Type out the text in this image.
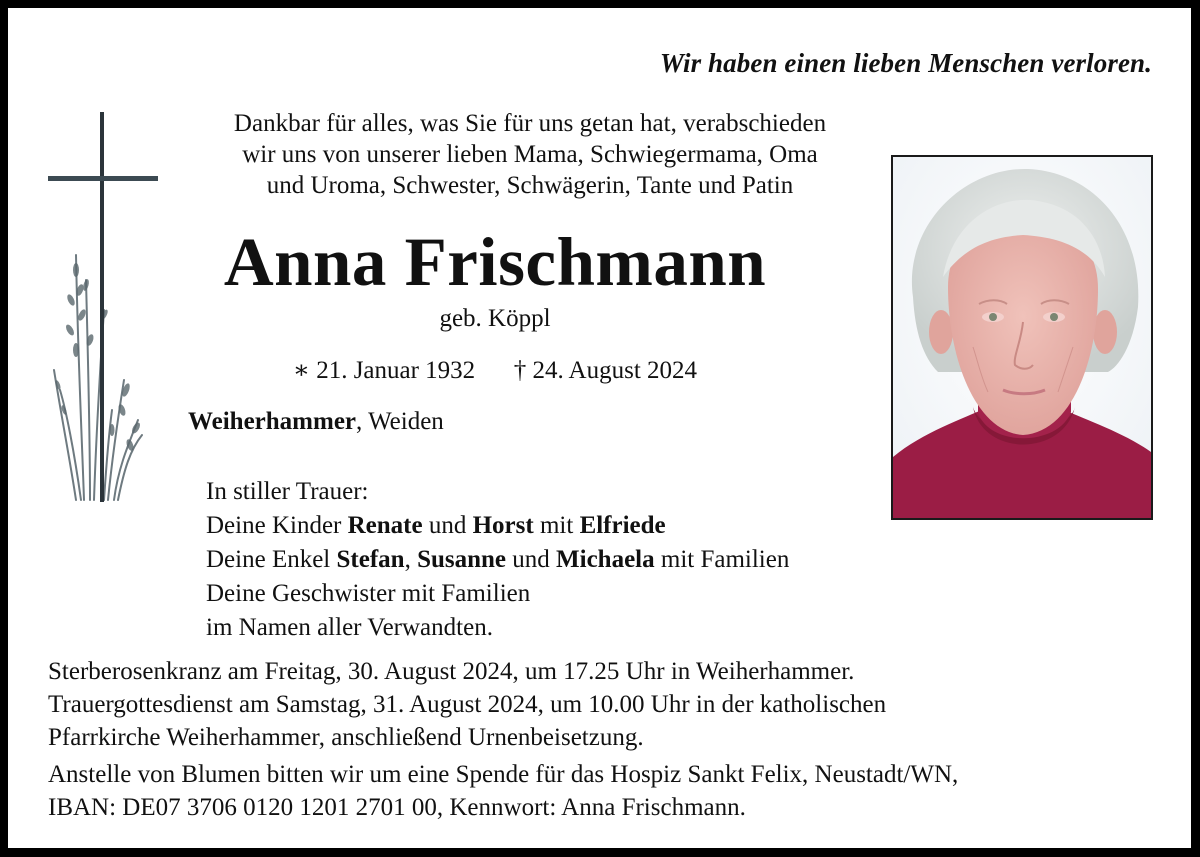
Wir haben einen lieben Menschen verloren.
Dankbar für alles, was Sie für uns getan hat, verabschieden
wir uns von unserer lieben Mama, Schwiegermama, Oma
und Uroma, Schwester, Schwägerin, Tante und Patin
Anna Frischmann
geb. Köppl
∗ 21. Januar 1932 † 24. August 2024
Weiherhammer, Weiden
In stiller Trauer:
Deine Kinder Renate und Horst mit Elfriede
Deine Enkel Stefan, Susanne und Michaela mit Familien
Deine Geschwister mit Familien
im Namen aller Verwandten.
Sterberosenkranz am Freitag, 30. August 2024, um 17.25 Uhr in Weiherhammer.
Trauergottesdienst am Samstag, 31. August 2024, um 10.00 Uhr in der katholischen
Pfarrkirche Weiherhammer, anschließend Urnenbeisetzung.
Anstelle von Blumen bitten wir um eine Spende für das Hospiz Sankt Felix, Neustadt/WN,
IBAN: DE07 3706 0120 1201 2701 00, Kennwort: Anna Frischmann.
